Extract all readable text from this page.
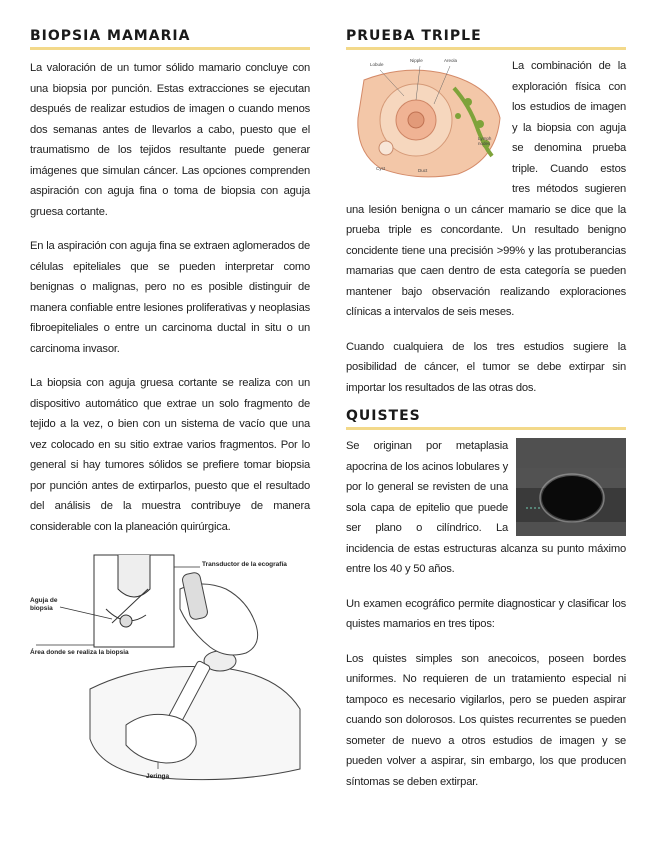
BIOPSIA MAMARIA

La valoración de un tumor sólido mamario concluye con una biopsia por punción. Estas extracciones se ejecutan después de realizar estudios de imagen o cuando menos dos semanas antes de llevarlos a cabo, puesto que el traumatismo de los tejidos resultante puede generar imágenes que simulan cáncer. Las opciones comprenden aspiración con aguja fina o toma de biopsia con aguja gruesa cortante.

En la aspiración con aguja fina se extraen aglomerados de células epiteliales que se pueden interpretar como benignas o malignas, pero no es posible distinguir de manera confiable entre lesiones proliferativas y neoplasias fibroepiteliales o entre un carcinoma ductal in situ o un carcinoma invasor.

La biopsia con aguja gruesa cortante se realiza con un dispositivo automático que extrae un solo fragmento de tejido a la vez, o bien con un sistema de vacío que una vez colocado en su sitio extrae varios fragmentos. Por lo general si hay tumores sólidos se prefiere tomar biopsia por punción antes de extirparlos, puesto que el resultado del análisis de la muestra contribuye de manera considerable con la planeación quirúrgica.

Transductor de la ecografía
Aguja de biopsia
Área donde se realiza la biopsia
Jeringa
PRUEBA TRIPLE
Lobule
Nipple	Areola
Lymph nodes
Cyst	Duct

La combinación de la exploración física con los estudios de imagen y la biopsia con aguja se denomina prueba triple. Cuando estos tres métodos sugieren una lesión benigna o un cáncer mamario se dice que la prueba triple es concordante. Un resultado benigno concidente tiene una precisión >99% y las protuberancias mamarias que caen dentro de esta categoría se pueden mantener bajo observación realizando exploraciones clínicas a intervalos de seis meses.

Cuando cualquiera de los tres estudios sugiere la posibilidad de cáncer, el tumor se debe extirpar sin importar los resultados de las otras dos.

QUISTES

Se originan por metaplasia apocrina de los acinos lobulares y por lo general se revisten de una sola capa de epitelio que puede ser plano o cilíndrico. La incidencia de estas estructuras alcanza su punto máximo entre los 40 y 50 años.

Un examen ecográfico permite diagnosticar y clasificar los quistes mamarios en tres tipos:

Los quistes simples son anecoicos, poseen bordes uniformes. No requieren de un tratamiento especial ni tampoco es necesario vigilarlos, pero se pueden aspirar cuando son dolorosos. Los quistes recurrentes se pueden someter de nuevo a otros estudios de imagen y se pueden volver a aspirar, sin embargo, los que producen síntomas se deben extirpar.
